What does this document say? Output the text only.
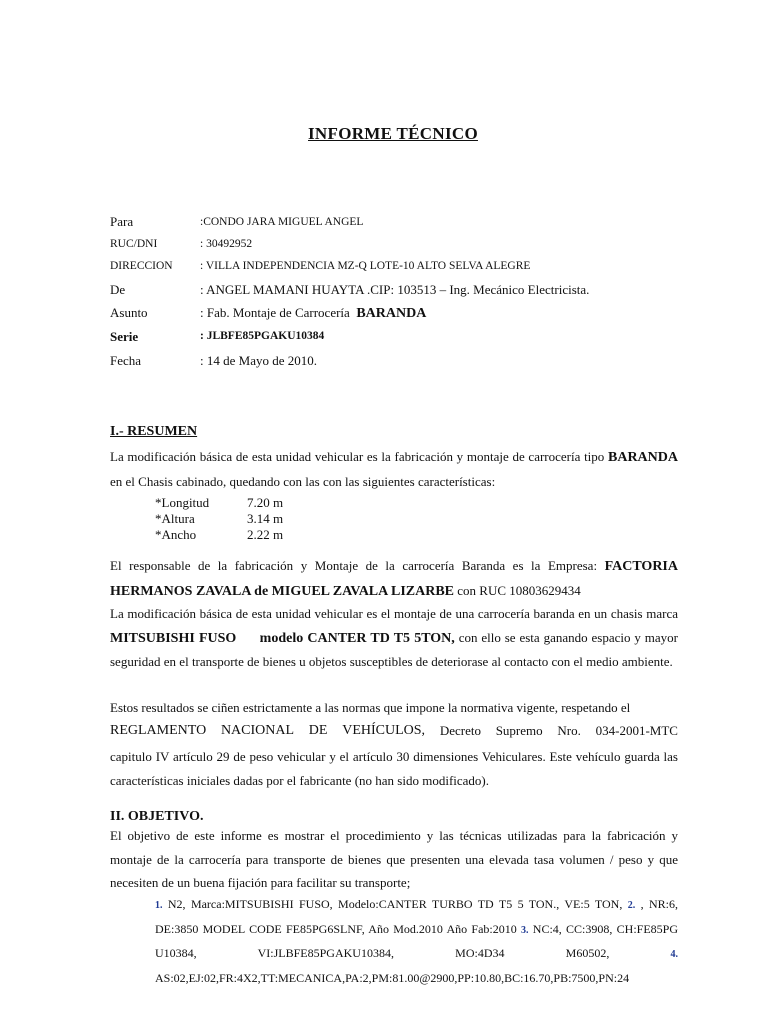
INFORME TÉCNICO
Para	:CONDO JARA MIGUEL ANGEL
RUC/DNI	: 30492952
DIRECCION : VILLA INDEPENDENCIA MZ-Q LOTE-10 ALTO SELVA ALEGRE
De	: ANGEL MAMANI HUAYTA .CIP: 103513 – Ing. Mecánico Electricista.
Asunto	: Fab. Montaje de Carrocería BARANDA
Serie	: JLBFE85PGAKU10384
Fecha	: 14 de Mayo de 2010.
I.- RESUMEN
La modificación básica de esta unidad vehicular es la fabricación y montaje de carrocería tipo BARANDA en el Chasis cabinado, quedando con las con las siguientes características:
*Longitud	7.20 m
*Altura	3.14 m
*Ancho	2.22 m
El responsable de la fabricación y Montaje de la carrocería Baranda es la Empresa: FACTORIA HERMANOS ZAVALA de MIGUEL ZAVALA LIZARBE con RUC 10803629434
La modificación básica de esta unidad vehicular es el montaje de una carrocería baranda en un chasis marca MITSUBISHI FUSO modelo CANTER TD T5 5TON, con ello se esta ganando espacio y mayor seguridad en el transporte de bienes u objetos susceptibles de deteriorase al contacto con el medio ambiente.
Estos resultados se ciñen estrictamente a las normas que impone la normativa vigente, respetando el
REGLAMENTO NACIONAL DE VEHÍCULOS, Decreto Supremo Nro. 034-2001-MTC
capitulo IV artículo 29 de peso vehicular y el artículo 30 dimensiones Vehiculares. Este vehículo guarda las características iniciales dadas por el fabricante (no han sido modificado).
II. OBJETIVO.
El objetivo de este informe es mostrar el procedimiento y las técnicas utilizadas para la fabricación y montaje de la carrocería para transporte de bienes que presenten una elevada tasa volumen / peso y que necesiten de un buena fijación para facilitar su transporte;
1. N2, Marca:MITSUBISHI FUSO, Modelo:CANTER TURBO TD T5 5 TON., VE:5 TON, 2. , NR:6, DE:3850 MODEL CODE FE85PG6SLNF, Año Mod.2010 Año Fab:2010 3. NC:4, CC:3908, CH:FE85PG U10384, VI:JLBFE85PGAKU10384, MO:4D34 M60502, 4. AS:02,EJ:02,FR:4X2,TT:MECANICA,PA:2,PM:81.00@2900,PP:10.80,BC:16.70,PB:7500,PN:24
